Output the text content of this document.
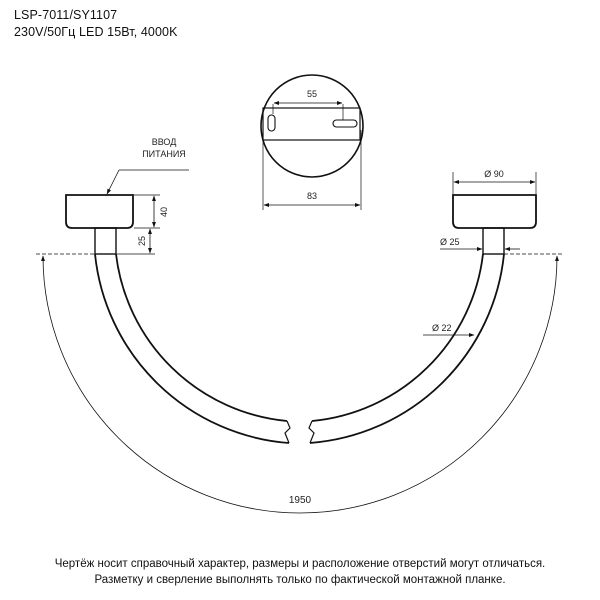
LSP-7011/SY1107
230V/50Гц LED 15Вт, 4000K
55
83
ВВОД
ПИТАНИЯ
40
25
Ø 90
Ø 25
Ø 22
1950
Чертёж носит справочный характер, размеры и расположение отверстий могут отличаться.
Разметку и сверление выполнять только по фактической монтажной планке.
